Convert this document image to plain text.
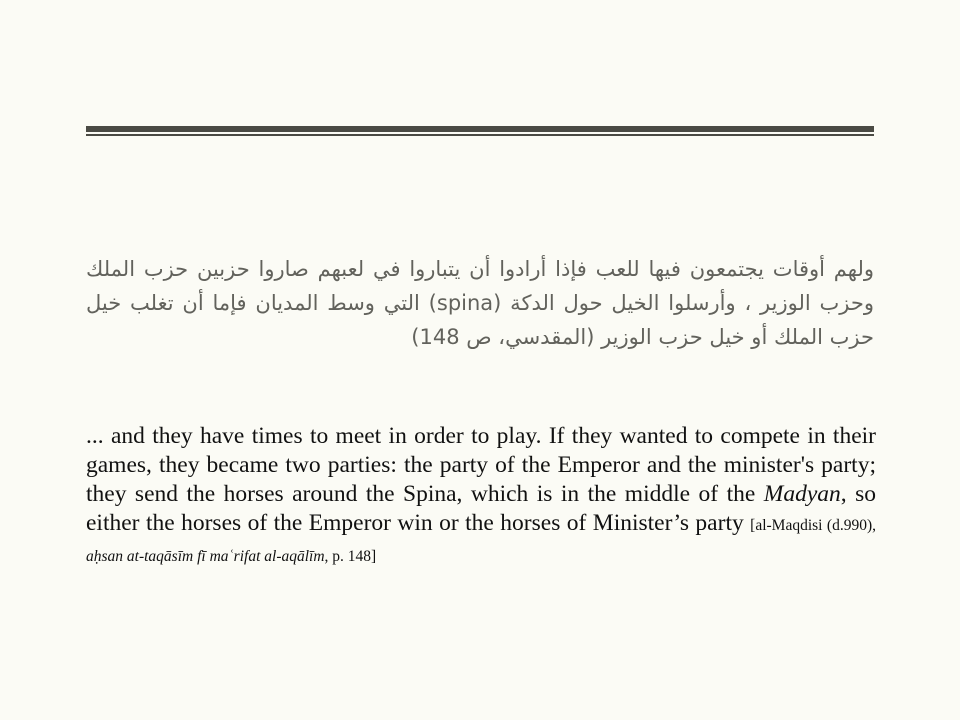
ولهم أوقات يجتمعون فيها للعب فإذا أرادوا أن يتباروا في لعبهم صاروا حزبين حزب الملك وحزب الوزير ، وأرسلوا الخيل حول الدكة (spina) التي وسط المديان فإما أن تغلب خيل حزب الملك أو خيل حزب الوزير (المقدسي، ص 148)

... and they have times to meet in order to play. If they wanted to compete in their games, they became two parties: the party of the Emperor and the minister's party; they send the horses around the Spina, which is in the middle of the Madyan, so either the horses of the Emperor win or the horses of Minister’s party [al-Maqdisi (d.990), aḥsan at-taqāsīm fī maʿrifat al-aqālīm, p. 148]
